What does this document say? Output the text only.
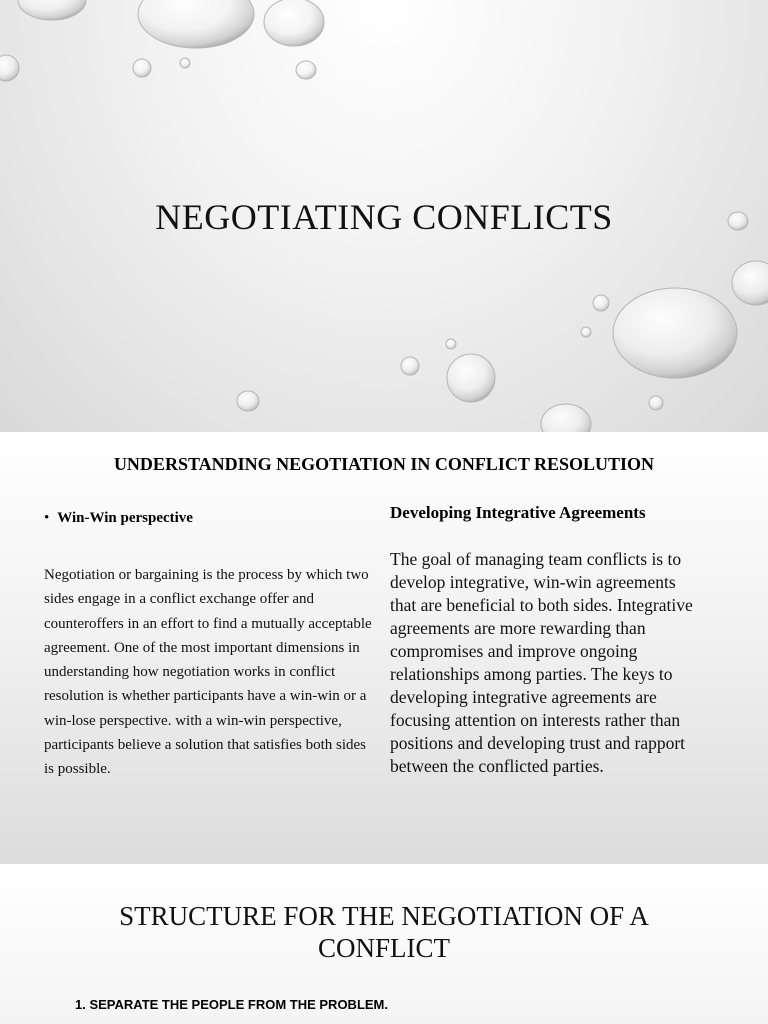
NEGOTIATING CONFLICTS
UNDERSTANDING NEGOTIATION IN CONFLICT RESOLUTION
• Win-Win perspective
Negotiation or bargaining is the process by which two sides engage in a conflict exchange offer and counteroffers in an effort to find a mutually acceptable agreement. One of the most important dimensions in understanding how negotiation works in conflict resolution is whether participants have a win-win or a win-lose perspective. with a win-win perspective, participants believe a solution that satisfies both sides is possible.
Developing Integrative Agreements
The goal of managing team conflicts is to develop integrative, win-win agreements that are beneficial to both sides. Integrative agreements are more rewarding than compromises and improve ongoing relationships among parties. The keys to developing integrative agreements are focusing attention on interests rather than positions and developing trust and rapport between the conflicted parties.
STRUCTURE FOR THE NEGOTIATION OF A CONFLICT
1. SEPARATE THE PEOPLE FROM THE PROBLEM.
